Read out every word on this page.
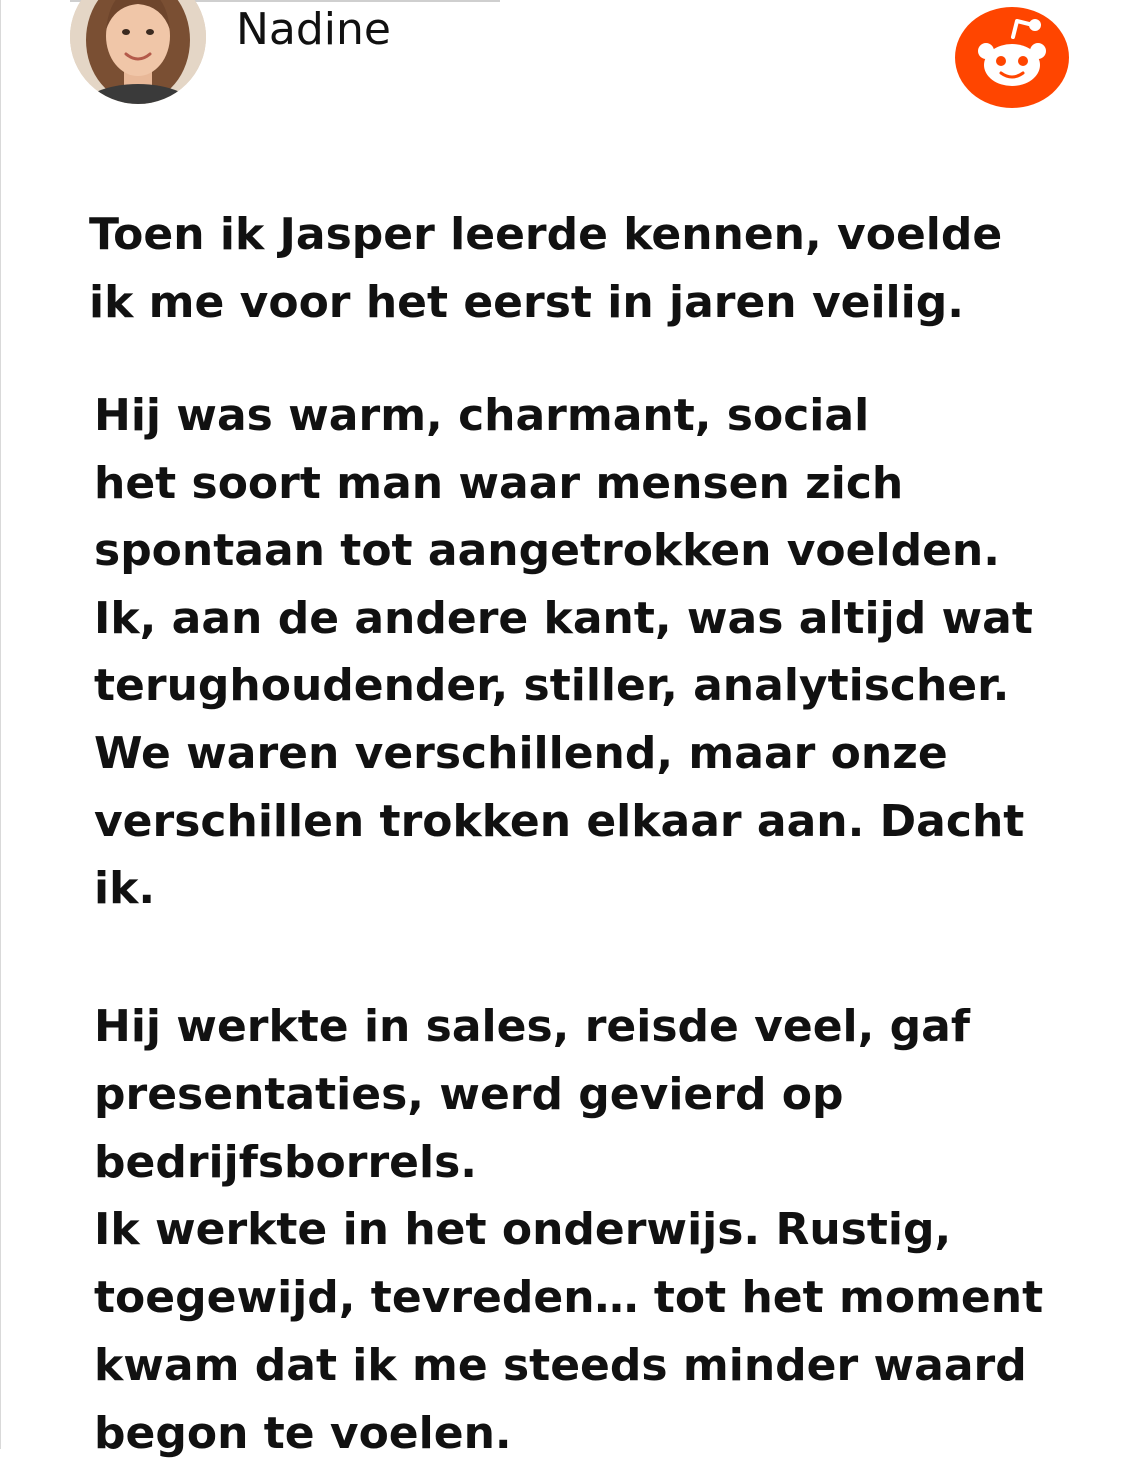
Nadine

Toen ik Jasper leerde kennen, voelde
ik me voor het eerst in jaren veilig.

Hij was warm, charmant, social
het soort man waar mensen zich
spontaan tot aangetrokken voelden.
Ik, aan de andere kant, was altijd wat
terughoudender, stiller, analytischer.
We waren verschillend, maar onze
verschillen trokken elkaar aan. Dacht
ik.

Hij werkte in sales, reisde veel, gaf
presentaties, werd gevierd op
bedrijfsborrels.
Ik werkte in het onderwijs. Rustig,
toegewijd, tevreden… tot het moment
kwam dat ik me steeds minder waard
begon te voelen.
